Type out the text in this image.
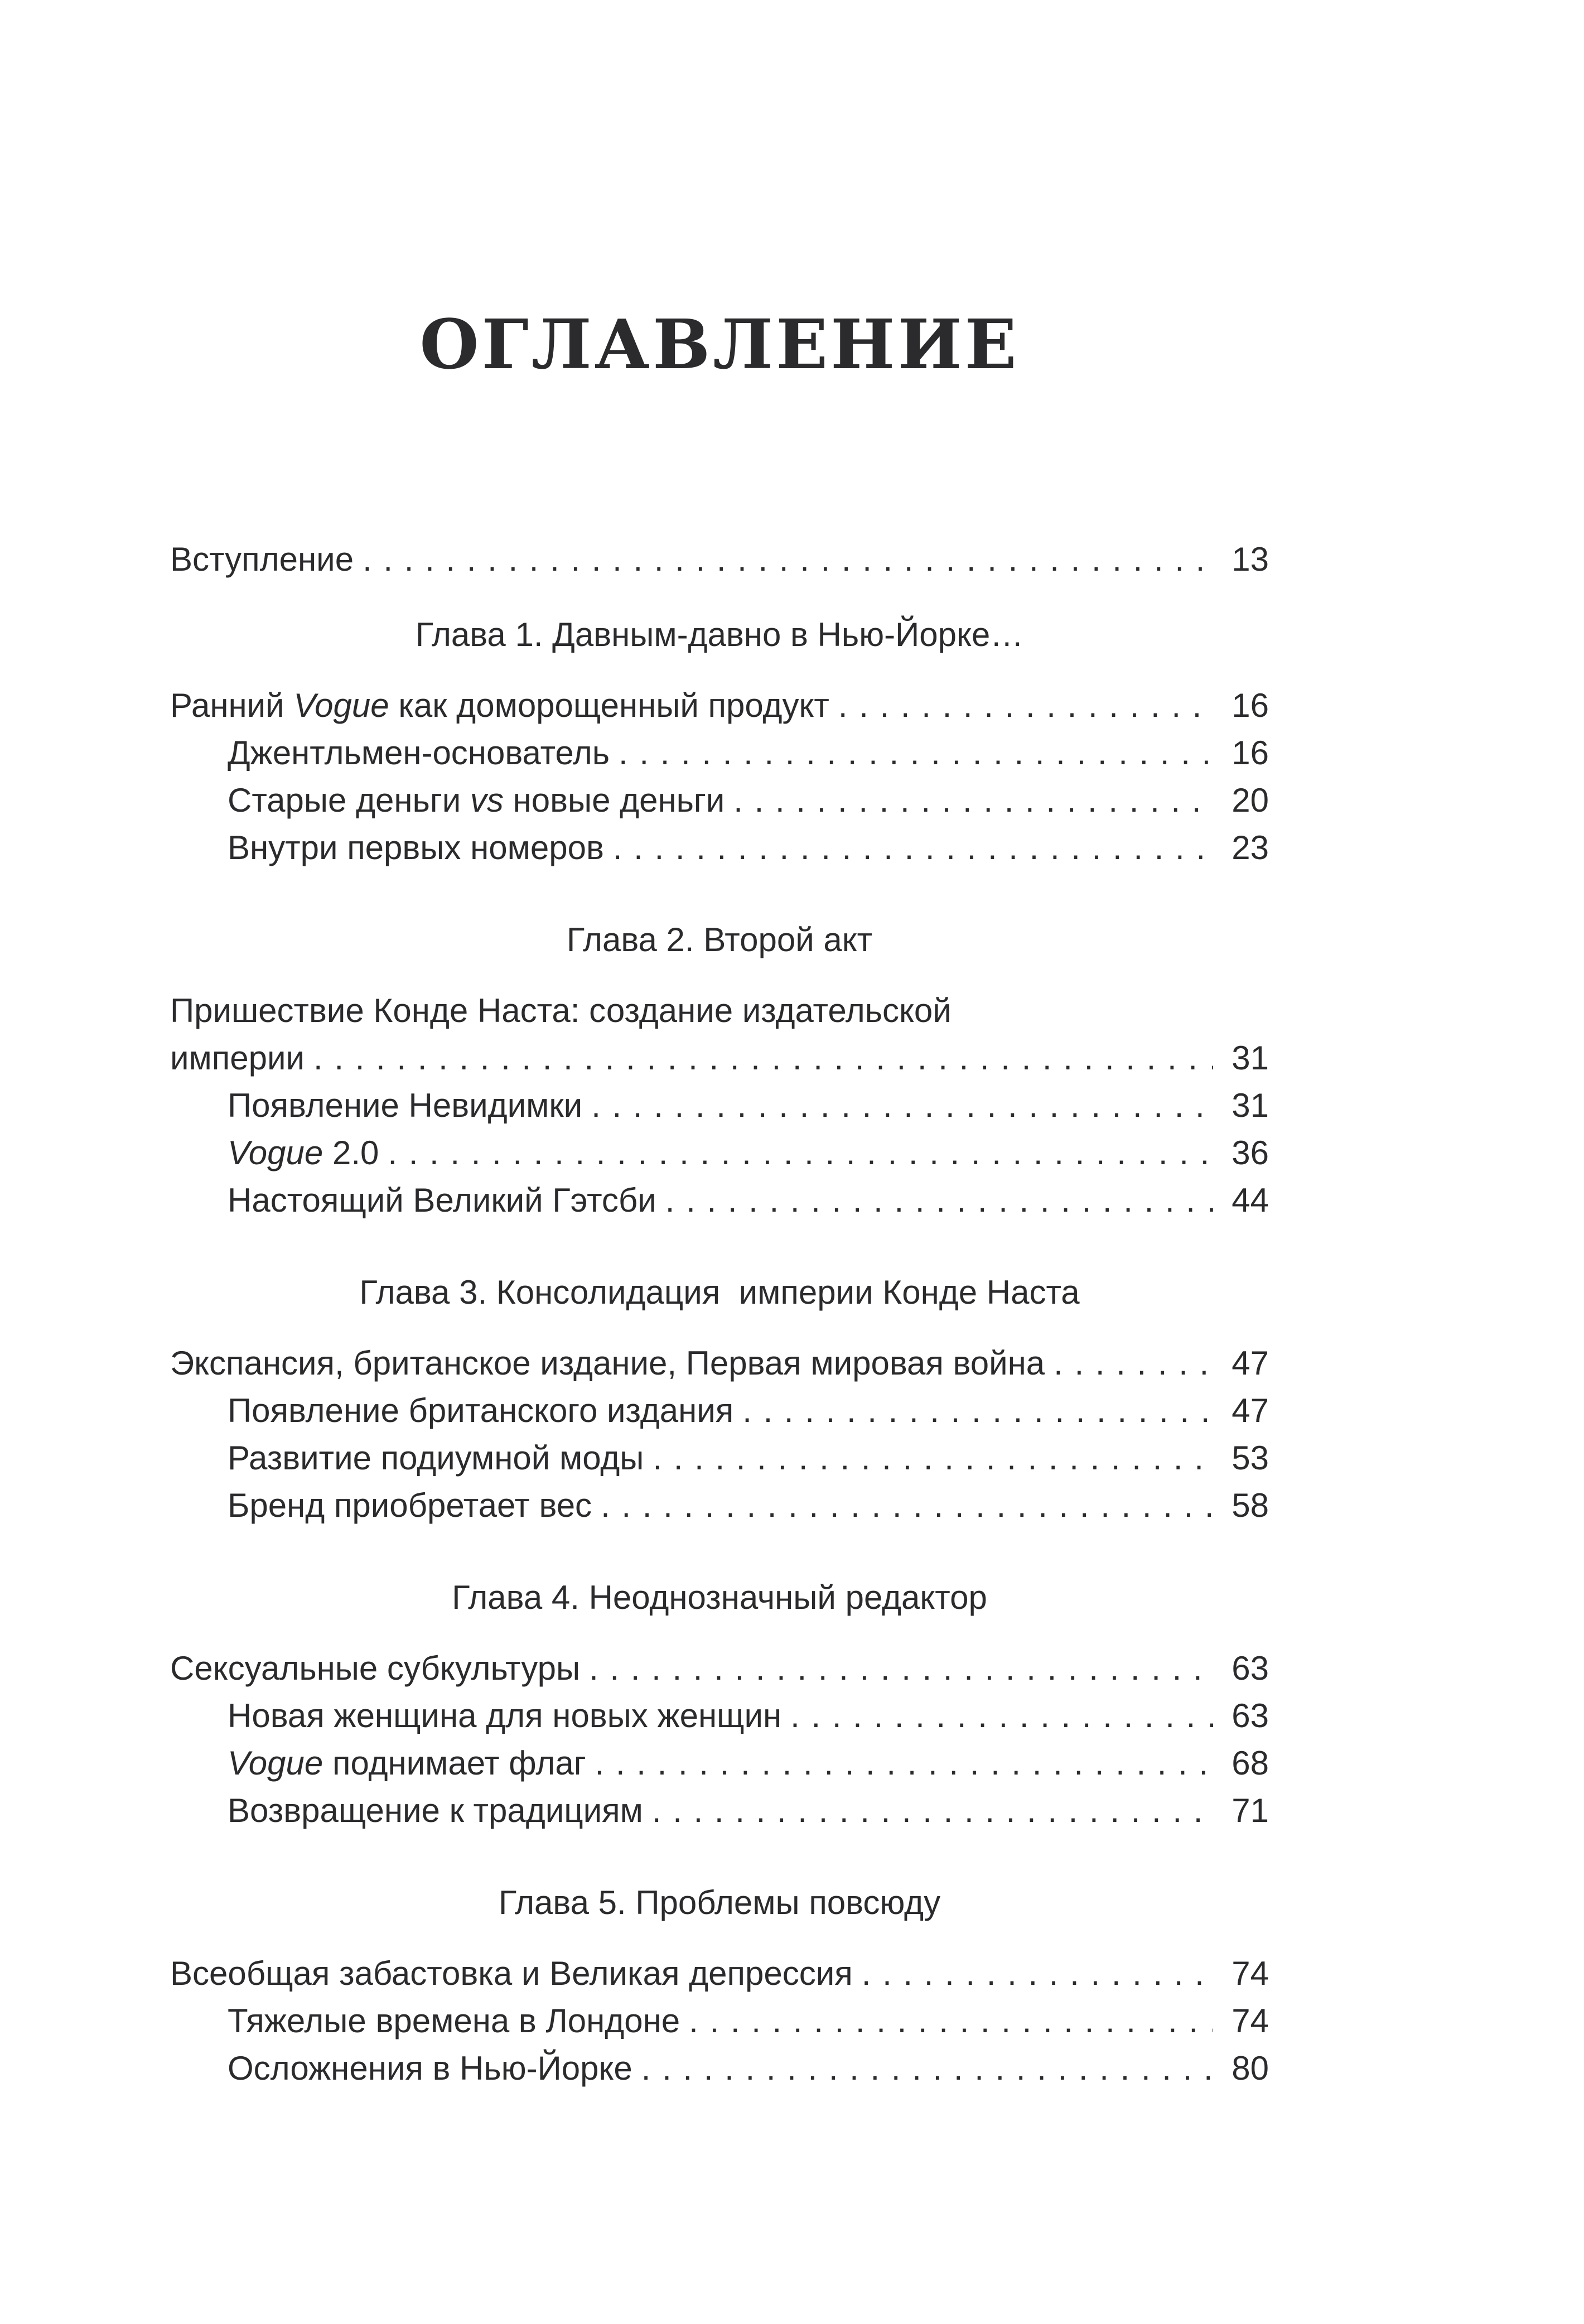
ОГЛАВЛЕНИЕ
Вступление . . .	13
Глава 1. Давным-давно в Нью-Йорке…
Ранний Vogue как доморощенный продукт . . .	16
Джентльмен-основатель . . .	16
Старые деньги vs новые деньги . . .	20
Внутри первых номеров . . .	23
Глава 2. Второй акт
Пришествие Конде Наста: создание издательской
империи . . .	31
Появление Невидимки . . .	31
Vogue 2.0 . . .	36
Настоящий Великий Гэтсби . . .	44
Глава 3. Консолидация  империи Конде Наста
Экспансия, британское издание, Первая мировая война . . .	47
Появление британского издания . . .	47
Развитие подиумной моды . . .	53
Бренд приобретает вес . . .	58
Глава 4. Неоднозначный редактор
Сексуальные субкультуры . . .	63
Новая женщина для новых женщин . . .	63
Vogue поднимает флаг . . .	68
Возвращение к традициям . . .	71
Глава 5. Проблемы повсюду
Всеобщая забастовка и Великая депрессия . . .	74
Тяжелые времена в Лондоне . . .	74
Осложнения в Нью-Йорке . . .	80
